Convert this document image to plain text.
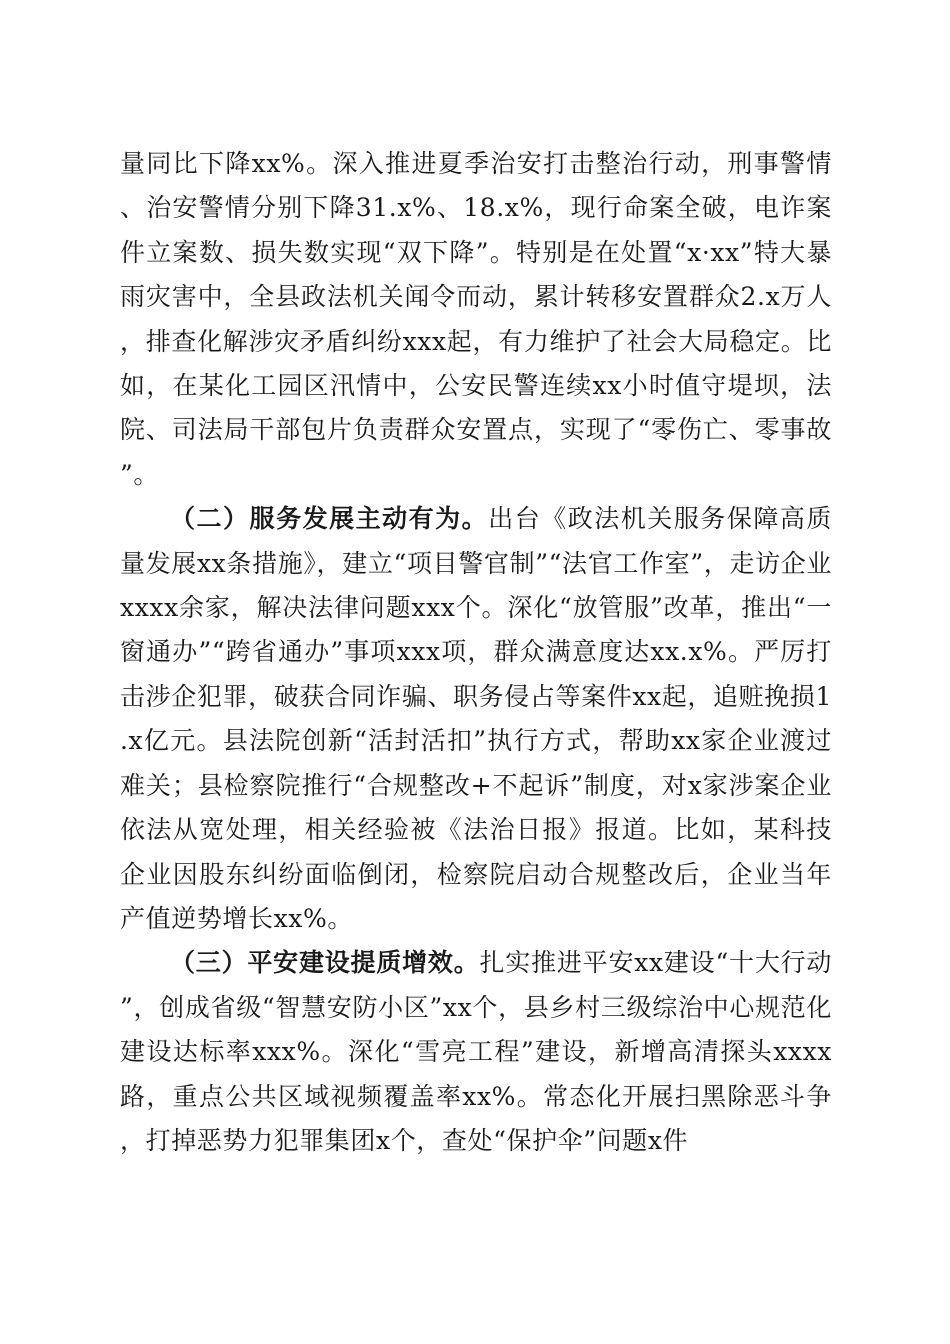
量同比下降xx%。深入推进夏季治安打击整治行动，刑事警情、治安警情分别下降31.x%、18.x%，现行命案全破，电诈案件立案数、损失数实现“双下降”。特别是在处置“x·xx”特大暴雨灾害中，全县政法机关闻令而动，累计转移安置群众2.x万人，排查化解涉灾矛盾纠纷xxx起，有力维护了社会大局稳定。比如，在某化工园区汛情中，公安民警连续xx小时值守堤坝，法院、司法局干部包片负责群众安置点，实现了“零伤亡、零事故”。

（二）服务发展主动有为。出台《政法机关服务保障高质量发展xx条措施》，建立“项目警官制”“法官工作室”，走访企业xxxx余家，解决法律问题xxx个。深化“放管服”改革，推出“一窗通办”“跨省通办”事项xxx项，群众满意度达xx.x%。严厉打击涉企犯罪，破获合同诈骗、职务侵占等案件xx起，追赃挽损1.x亿元。县法院创新“活封活扣”执行方式，帮助xx家企业渡过难关；县检察院推行“合规整改+不起诉”制度，对x家涉案企业依法从宽处理，相关经验被《法治日报》报道。比如，某科技企业因股东纠纷面临倒闭，检察院启动合规整改后，企业当年产值逆势增长xx%。

（三）平安建设提质增效。扎实推进平安xx建设“十大行动”，创成省级“智慧安防小区”xx个，县乡村三级综治中心规范化建设达标率xxx%。深化“雪亮工程”建设，新增高清探头xxxx路，重点公共区域视频覆盖率xx%。常态化开展扫黑除恶斗争，打掉恶势力犯罪集团x个，查处“保护伞”问题x件
